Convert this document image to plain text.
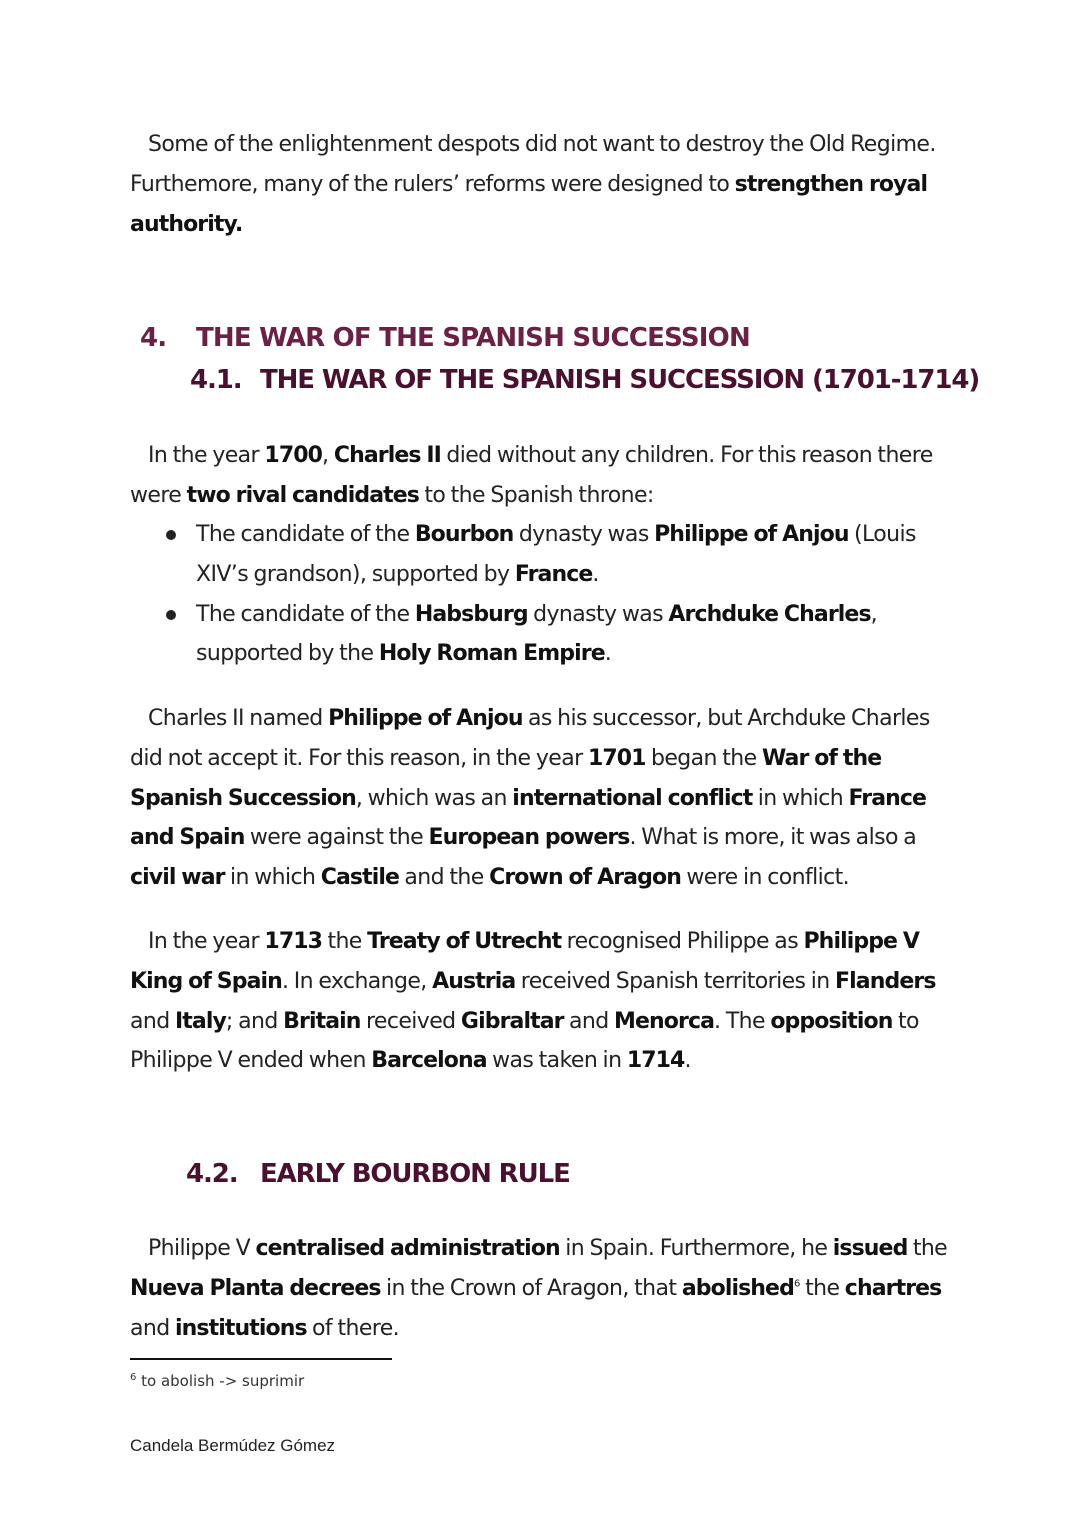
Some of the enlightenment despots did not want to destroy the Old Regime. Furthemore, many of the rulers’ reforms were designed to strengthen royal authority.

4. THE WAR OF THE SPANISH SUCCESSION
4.1. THE WAR OF THE SPANISH SUCCESSION (1701-1714)

In the year 1700, Charles II died without any children. For this reason there were two rival candidates to the Spanish throne:

The candidate of the Bourbon dynasty was Philippe of Anjou (Louis XIV’s grandson), supported by France.
The candidate of the Habsburg dynasty was Archduke Charles, supported by the Holy Roman Empire.

Charles II named Philippe of Anjou as his successor, but Archduke Charles did not accept it. For this reason, in the year 1701 began the War of the Spanish Succession, which was an international conflict in which France and Spain were against the European powers. What is more, it was also a civil war in which Castile and the Crown of Aragon were in conflict.

In the year 1713 the Treaty of Utrecht recognised Philippe as Philippe V King of Spain. In exchange, Austria received Spanish territories in Flanders and Italy; and Britain received Gibraltar and Menorca. The opposition to Philippe V ended when Barcelona was taken in 1714.

4.2. EARLY BOURBON RULE

Philippe V centralised administration in Spain. Furthermore, he issued the Nueva Planta decrees in the Crown of Aragon, that abolished$^6$ the chartres and institutions of there.

$^6$ to abolish -> suprimir
Candela Bermúdez Gómez
